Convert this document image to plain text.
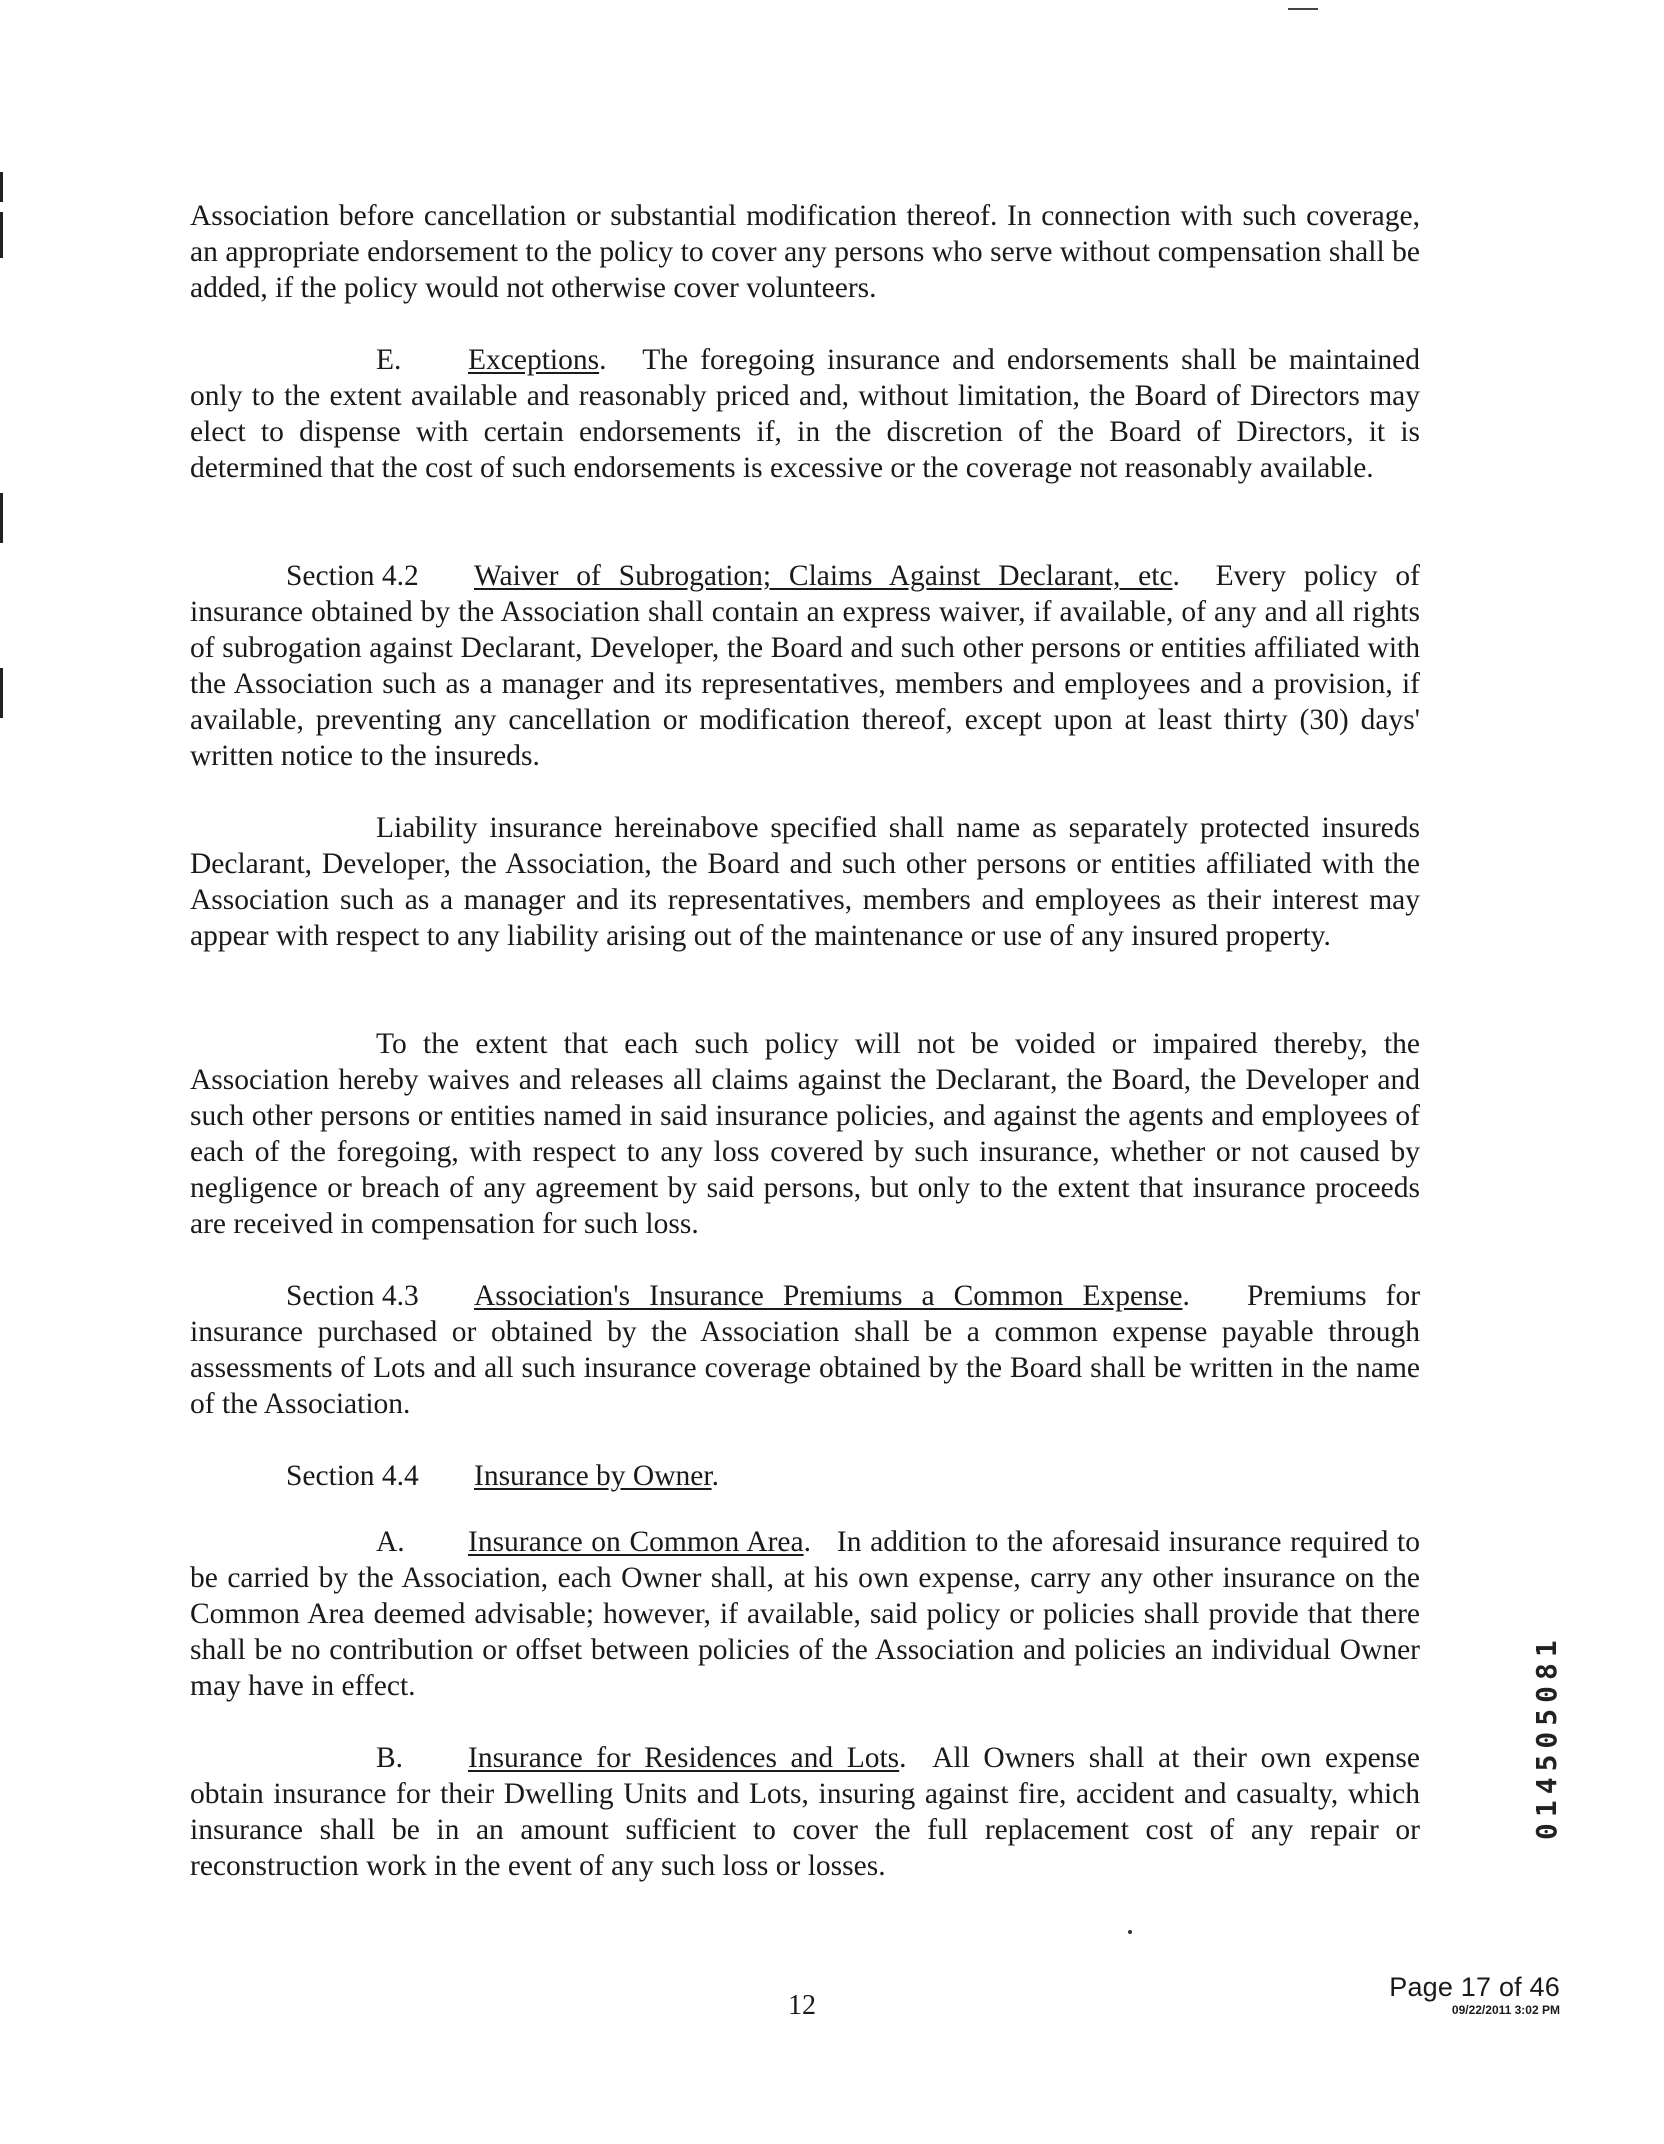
Association before cancellation or substantial modification thereof. In connection with such coverage, an appropriate endorsement to the policy to cover any persons who serve without compensation shall be added, if the policy would not otherwise cover volunteers.

E. Exceptions.   The foregoing insurance and endorsements shall be maintained only to the extent available and reasonably priced and, without limitation, the Board of Directors may elect to dispense with certain endorsements if, in the discretion of the Board of Directors, it is determined that the cost of such endorsements is excessive or the coverage not reasonably available.

Section 4.2 Waiver of Subrogation; Claims Against Declarant, etc.  Every policy of insurance obtained by the Association shall contain an express waiver, if available, of any and all rights of subrogation against Declarant, Developer, the Board and such other persons or entities affiliated with the Association such as a manager and its representatives, members and employees and a provision, if available, preventing any cancellation or modification thereof, except upon at least thirty (30) days' written notice to the insureds.

Liability insurance hereinabove specified shall name as separately protected insureds Declarant, Developer, the Association, the Board and such other persons or entities affiliated with the Association such as a manager and its representatives, members and employees as their interest may appear with respect to any liability arising out of the maintenance or use of any insured property.

To the extent that each such policy will not be voided or impaired thereby, the Association hereby waives and releases all claims against the Declarant, the Board, the Developer and such other persons or entities named in said insurance policies, and against the agents and employees of each of the foregoing, with respect to any loss covered by such insurance, whether or not caused by negligence or breach of any agreement by said persons, but only to the extent that insurance proceeds are received in compensation for such loss.

Section 4.3 Association's Insurance Premiums a Common Expense.   Premiums for insurance purchased or obtained by the Association shall be a common expense payable through assessments of Lots and all such insurance coverage obtained by the Board shall be written in the name of the Association.

Section 4.4 Insurance by Owner.

A. Insurance on Common Area.   In addition to the aforesaid insurance required to be carried by the Association, each Owner shall, at his own expense, carry any other insurance on the Common Area deemed advisable; however, if available, said policy or policies shall provide that there shall be no contribution or offset between policies of the Association and policies an individual Owner may have in effect.

B. Insurance for Residences and Lots.  All Owners shall at their own expense obtain insurance for their Dwelling Units and Lots, insuring against fire, accident and casualty, which insurance shall be in an amount sufficient to cover the full replacement cost of any repair or reconstruction work in the event of any such loss or losses.

12
Page 17 of 46
09/22/2011 3:02 PM
014505081
